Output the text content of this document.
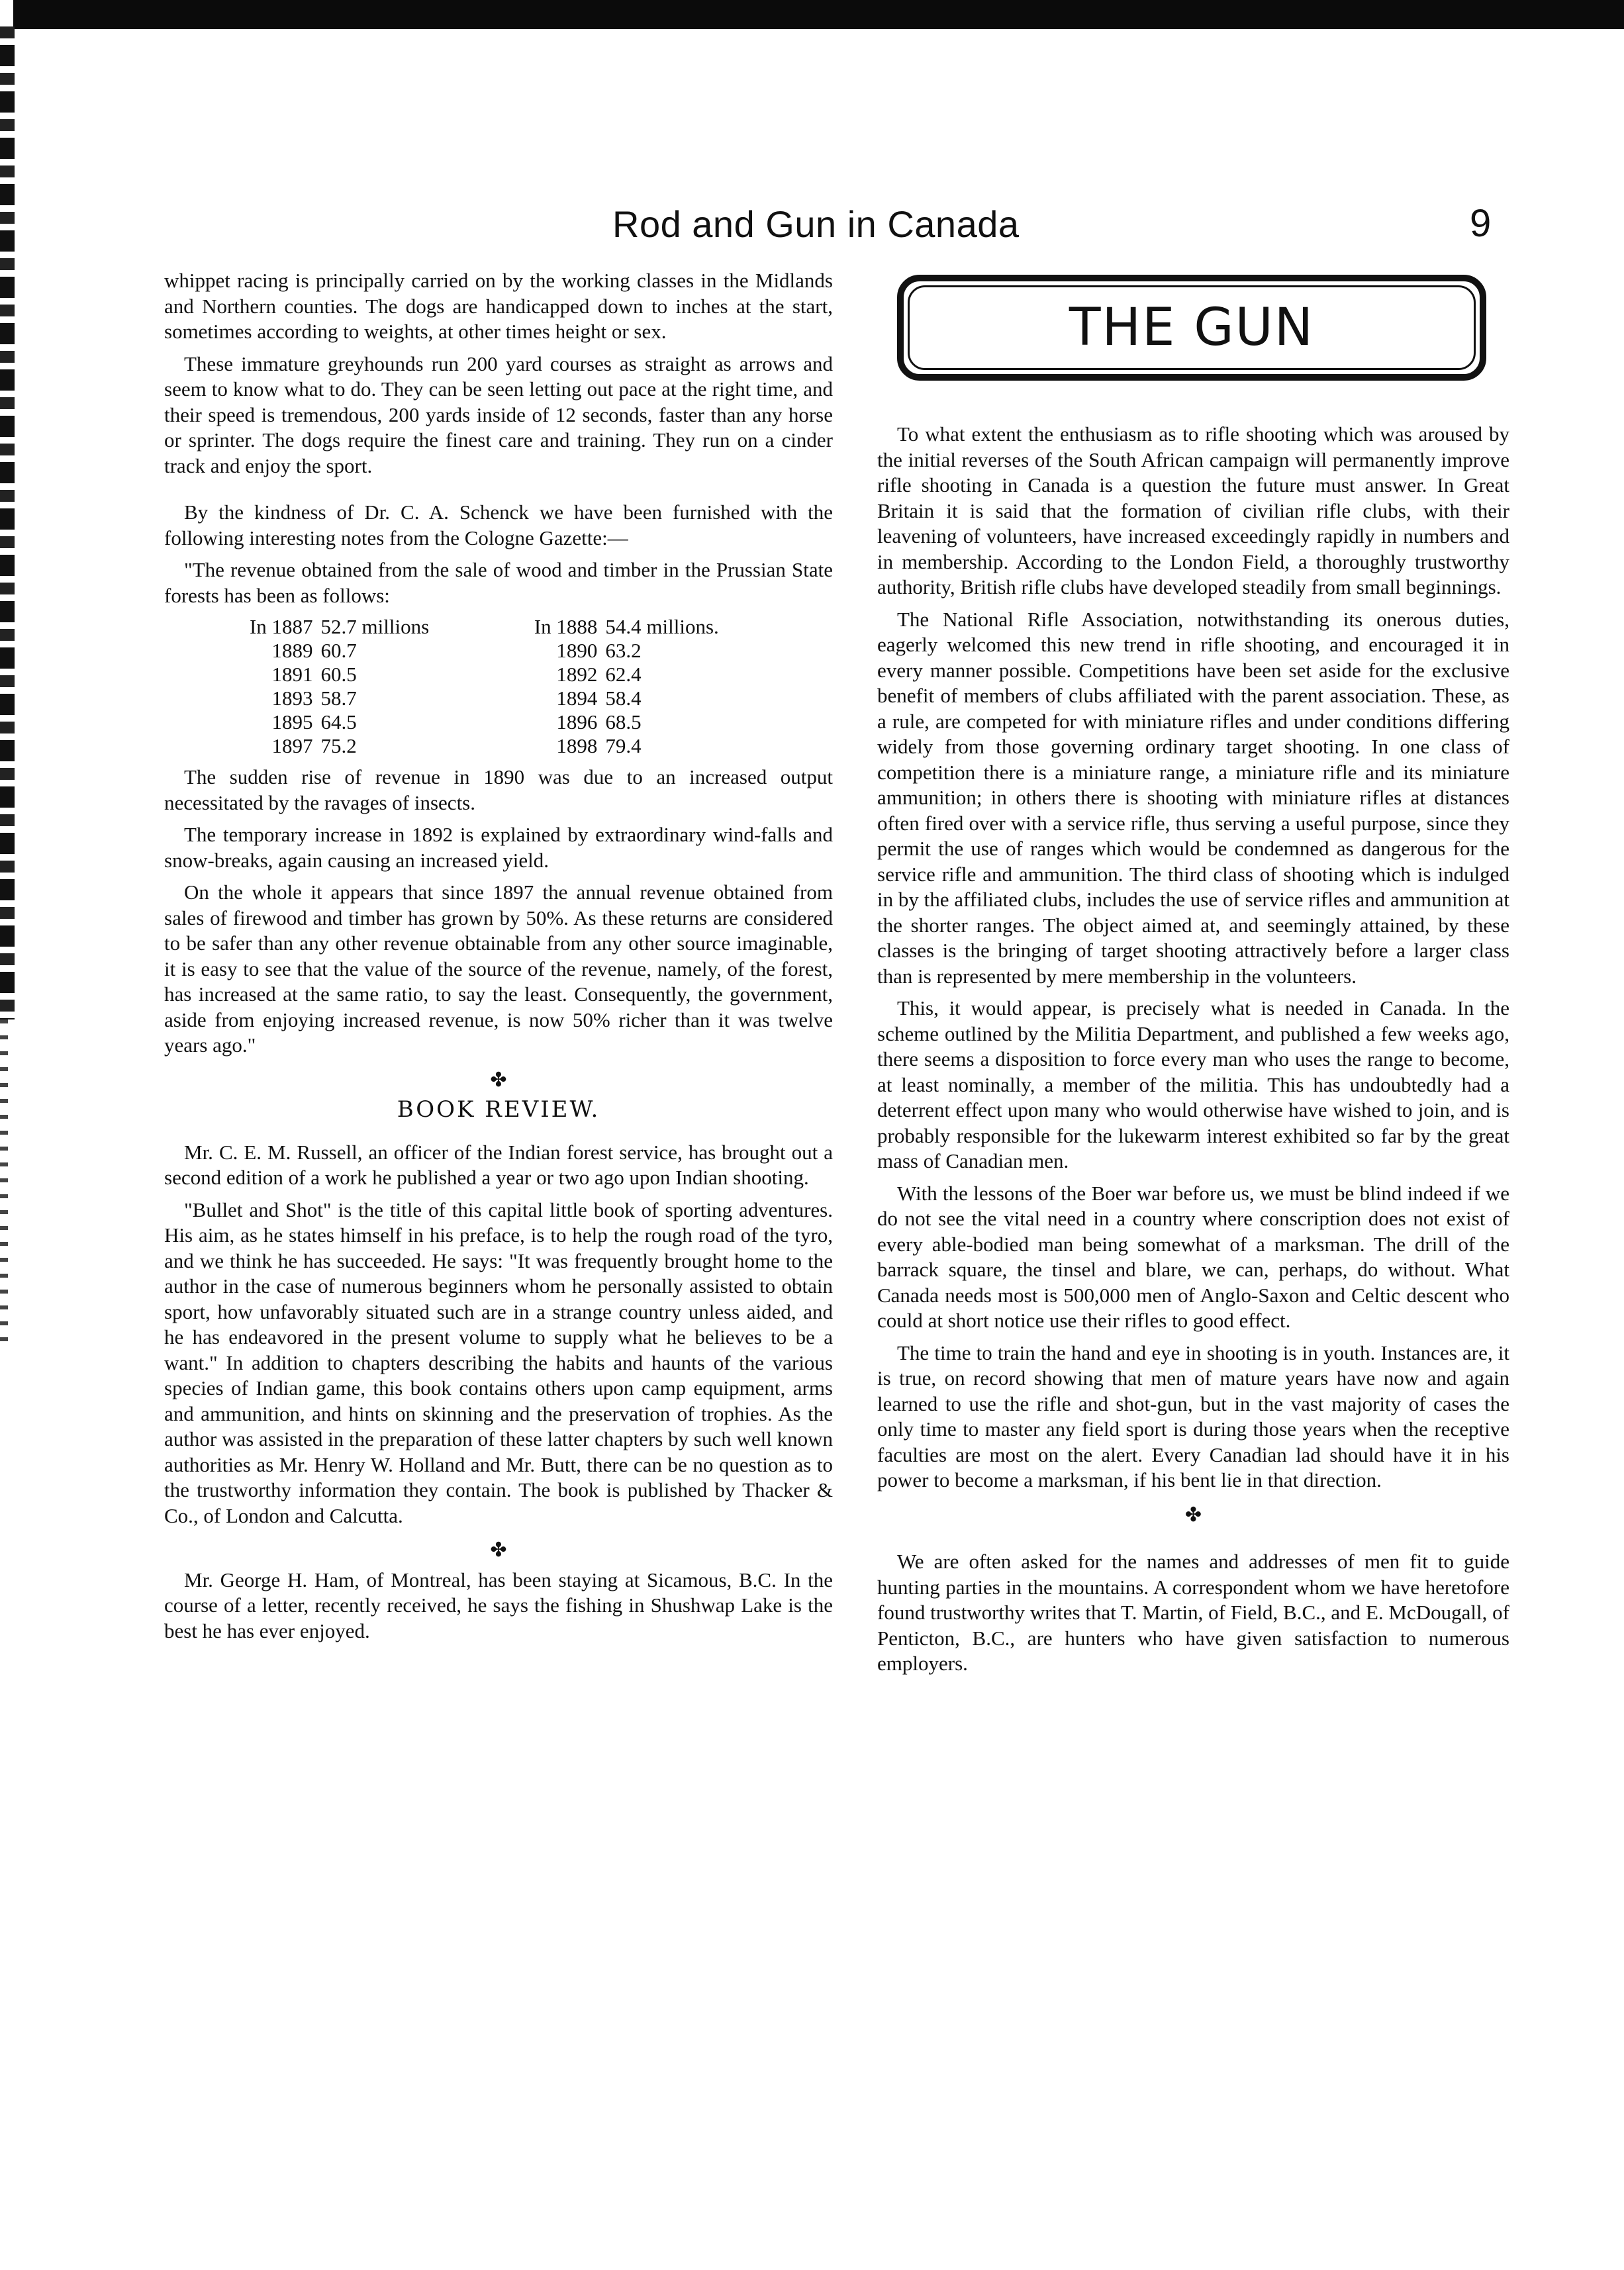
Rod and Gun in Canada	9

whippet racing is principally carried on by the working classes in the Midlands and Northern counties. The dogs are handicapped down to inches at the start, sometimes according to weights, at other times height or sex.

These immature greyhounds run 200 yard courses as straight as arrows and seem to know what to do. They can be seen letting out pace at the right time, and their speed is tremendous, 200 yards inside of 12 seconds, faster than any horse or sprinter. The dogs require the finest care and training. They run on a cinder track and enjoy the sport.

By the kindness of Dr. C. A. Schenck we have been furnished with the following interesting notes from the Cologne Gazette:—

"The revenue obtained from the sale of wood and timber in the Prussian State forests has been as follows:

In 1887	52.7 millions	In 1888	54.4 millions.
1889	60.7	1890	63.2
1891	60.5	1892	62.4
1893	58.7	1894	58.4
1895	64.5	1896	68.5
1897	75.2	1898	79.4

The sudden rise of revenue in 1890 was due to an increased output necessitated by the ravages of insects.

The temporary increase in 1892 is explained by extraordinary wind-falls and snow-breaks, again causing an increased yield.

On the whole it appears that since 1897 the annual revenue obtained from sales of firewood and timber has grown by 50%. As these returns are considered to be safer than any other revenue obtainable from any other source imaginable, it is easy to see that the value of the source of the revenue, namely, of the forest, has increased at the same ratio, to say the least. Consequently, the government, aside from enjoying increased revenue, is now 50% richer than it was twelve years ago."

✤
BOOK REVIEW.

Mr. C. E. M. Russell, an officer of the Indian forest service, has brought out a second edition of a work he published a year or two ago upon Indian shooting.

"Bullet and Shot" is the title of this capital little book of sporting adventures. His aim, as he states himself in his preface, is to help the rough road of the tyro, and we think he has succeeded. He says: "It was frequently brought home to the author in the case of numerous beginners whom he personally assisted to obtain sport, how unfavorably situated such are in a strange country unless aided, and he has endeavored in the present volume to supply what he believes to be a want." In addition to chapters describing the habits and haunts of the various species of Indian game, this book contains others upon camp equipment, arms and ammunition, and hints on skinning and the preservation of trophies. As the author was assisted in the preparation of these latter chapters by such well known authorities as Mr. Henry W. Holland and Mr. Butt, there can be no question as to the trustworthy information they contain. The book is published by Thacker & Co., of London and Calcutta.

✤

Mr. George H. Ham, of Montreal, has been staying at Sicamous, B.C. In the course of a letter, recently received, he says the fishing in Shushwap Lake is the best he has ever enjoyed.

THE GUN

To what extent the enthusiasm as to rifle shooting which was aroused by the initial reverses of the South African campaign will permanently improve rifle shooting in Canada is a question the future must answer. In Great Britain it is said that the formation of civilian rifle clubs, with their leavening of volunteers, have increased exceedingly rapidly in numbers and in membership. According to the London Field, a thoroughly trustworthy authority, British rifle clubs have developed steadily from small beginnings.

The National Rifle Association, notwithstanding its onerous duties, eagerly welcomed this new trend in rifle shooting, and encouraged it in every manner possible. Competitions have been set aside for the exclusive benefit of members of clubs affiliated with the parent association. These, as a rule, are competed for with miniature rifles and under conditions differing widely from those governing ordinary target shooting. In one class of competition there is a miniature range, a miniature rifle and its miniature ammunition; in others there is shooting with miniature rifles at distances often fired over with a service rifle, thus serving a useful purpose, since they permit the use of ranges which would be condemned as dangerous for the service rifle and ammunition. The third class of shooting which is indulged in by the affiliated clubs, includes the use of service rifles and ammunition at the shorter ranges. The object aimed at, and seemingly attained, by these classes is the bringing of target shooting attractively before a larger class than is represented by mere membership in the volunteers.

This, it would appear, is precisely what is needed in Canada. In the scheme outlined by the Militia Department, and published a few weeks ago, there seems a disposition to force every man who uses the range to become, at least nominally, a member of the militia. This has undoubtedly had a deterrent effect upon many who would otherwise have wished to join, and is probably responsible for the lukewarm interest exhibited so far by the great mass of Canadian men.

With the lessons of the Boer war before us, we must be blind indeed if we do not see the vital need in a country where conscription does not exist of every able-bodied man being somewhat of a marksman. The drill of the barrack square, the tinsel and blare, we can, perhaps, do without. What Canada needs most is 500,000 men of Anglo-Saxon and Celtic descent who could at short notice use their rifles to good effect.

The time to train the hand and eye in shooting is in youth. Instances are, it is true, on record showing that men of mature years have now and again learned to use the rifle and shot-gun, but in the vast majority of cases the only time to master any field sport is during those years when the receptive faculties are most on the alert. Every Canadian lad should have it in his power to become a marksman, if his bent lie in that direction.

✤

We are often asked for the names and addresses of men fit to guide hunting parties in the mountains. A correspondent whom we have heretofore found trustworthy writes that T. Martin, of Field, B.C., and E. McDougall, of Penticton, B.C., are hunters who have given satisfaction to numerous employers.
